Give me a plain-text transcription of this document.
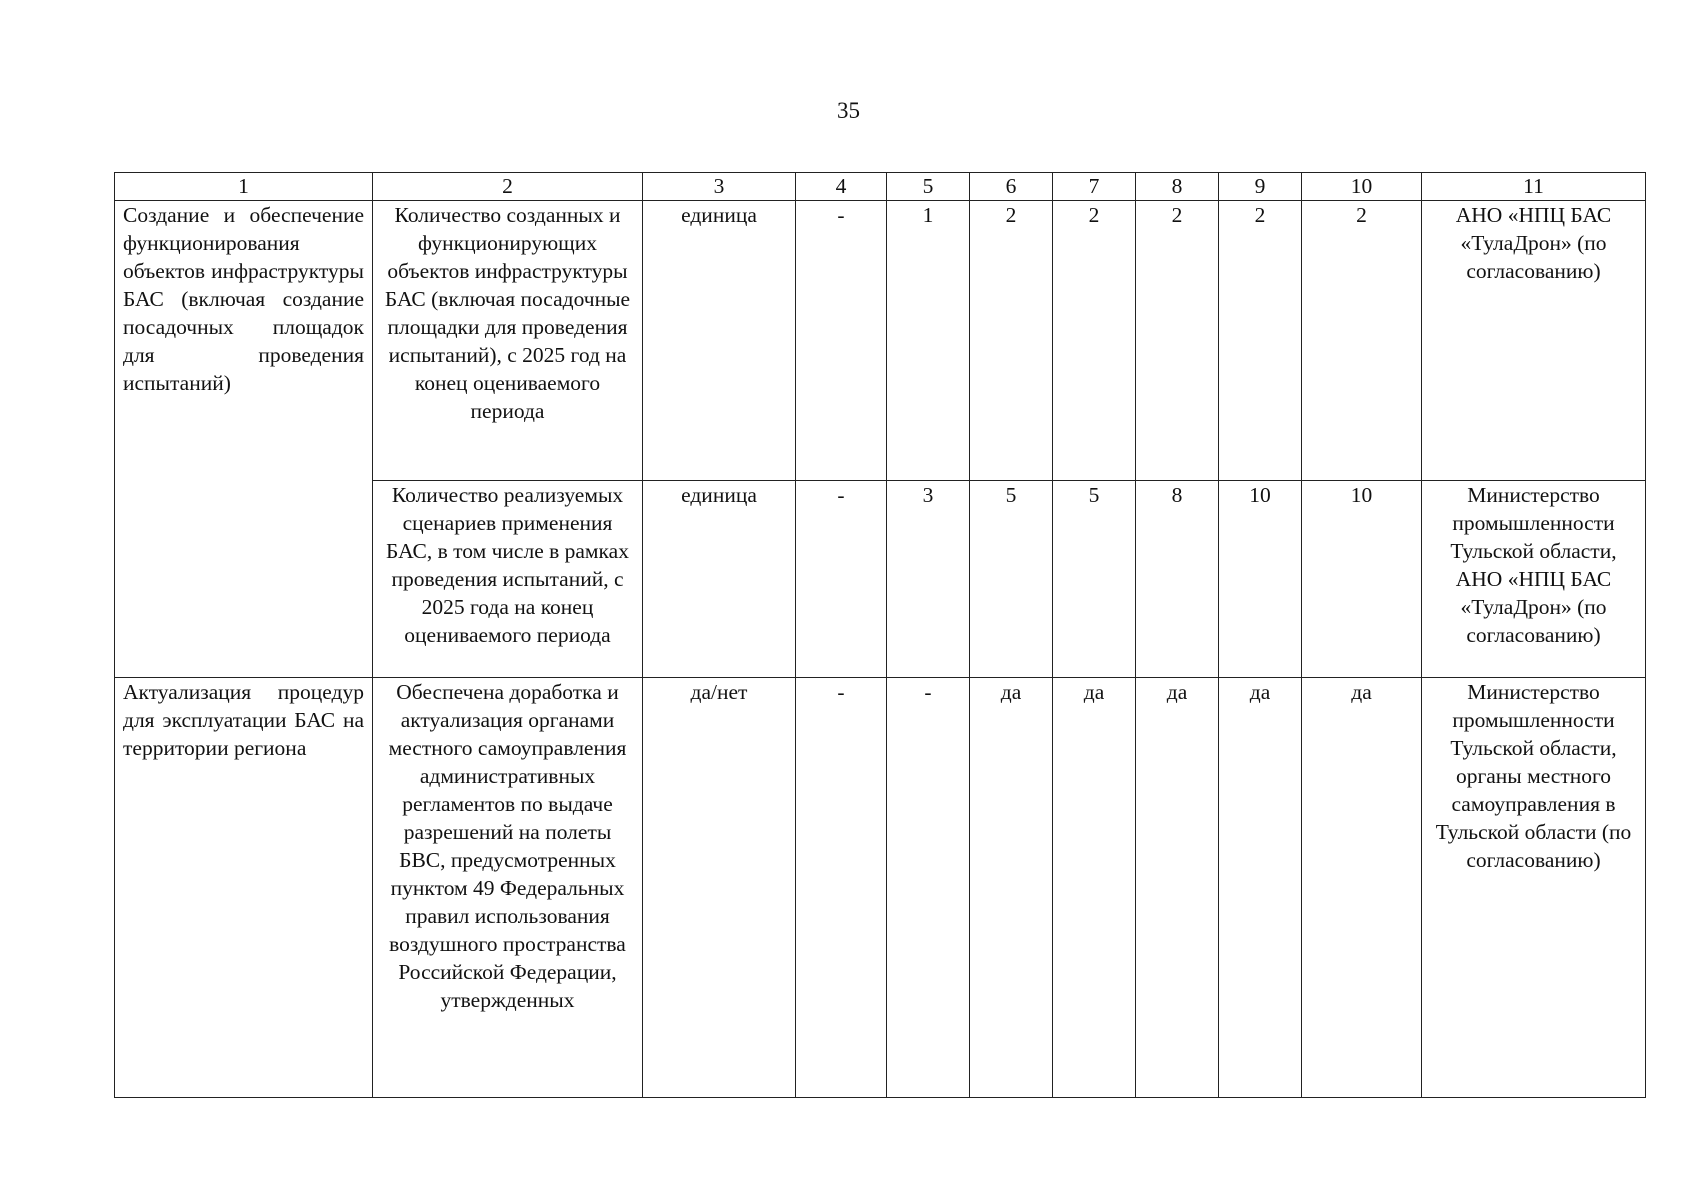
35
1	2	3	4	5	6	7	8	9	10	11
Создание и обеспечение функционирования объектов инфраструктуры БАС (включая создание посадочных площадок для проведения испытаний)	Количество созданных и функционирующих объектов инфраструктуры БАС (включая посадочные площадки для проведения испытаний), с 2025 год на конец оцениваемого периода	единица	-	1	2	2	2	2	2	АНО «НПЦ БАС «ТулаДрон» (по согласованию)
	Количество реализуемых сценариев применения БАС, в том числе в рамках проведения испытаний, с 2025 года на конец оцениваемого периода	единица	-	3	5	5	8	10	10	Министерство промышленности Тульской области, АНО «НПЦ БАС «ТулаДрон» (по согласованию)
Актуализация процедур для эксплуатации БАС на территории региона	Обеспечена доработка и актуализация органами местного самоуправления административных регламентов по выдаче разрешений на полеты БВС, предусмотренных пунктом 49 Федеральных правил использования воздушного пространства Российской Федерации, утвержденных	да/нет	-	-	да	да	да	да	да	Министерство промышленности Тульской области, органы местного самоуправления в Тульской области (по согласованию)
